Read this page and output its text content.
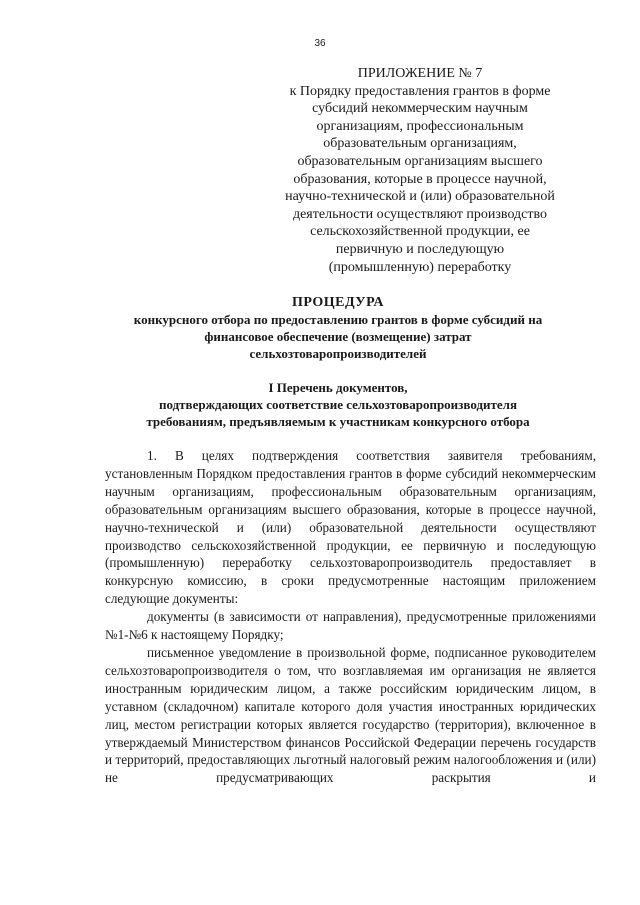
36
ПРИЛОЖЕНИЕ № 7
к Порядку предоставления грантов в форме
субсидий некоммерческим научным
организациям, профессиональным
образовательным организациям,
образовательным организациям высшего
образования, которые в процессе научной,
научно-технической и (или) образовательной
деятельности осуществляют производство
сельскохозяйственной продукции, ее
первичную и последующую
(промышленную) переработку
ПРОЦЕДУРА
конкурсного отбора по предоставлению грантов в форме субсидий на
финансовое обеспечение (возмещение) затрат
сельхозтоваропроизводителей
I Перечень документов,
подтверждающих соответствие сельхозтоваропроизводителя
требованиям, предъявляемым к участникам конкурсного отбора

1. В целях подтверждения соответствия заявителя требованиям, установленным Порядком предоставления грантов в форме субсидий некоммерческим научным организациям, профессиональным образовательным организациям, образовательным организациям высшего образования, которые в процессе научной, научно-технической и (или) образовательной деятельности осуществляют производство сельскохозяйственной продукции, ее первичную и последующую (промышленную) переработку сельхозтоваропроизводитель предоставляет в конкурсную комиссию, в сроки предусмотренные настоящим приложением следующие документы:

документы (в зависимости от направления), предусмотренные приложениями №1-№6 к настоящему Порядку;

письменное уведомление в произвольной форме, подписанное руководителем сельхозтоваропроизводителя о том, что возглавляемая им организация не является иностранным юридическим лицом, а также российским юридическим лицом, в уставном (складочном) капитале которого доля участия иностранных юридических лиц, местом регистрации которых является государство (территория), включенное в утверждаемый Министерством финансов Российской Федерации перечень государств и территорий, предоставляющих льготный налоговый режим налогообложения и (или) не предусматривающих раскрытия и
